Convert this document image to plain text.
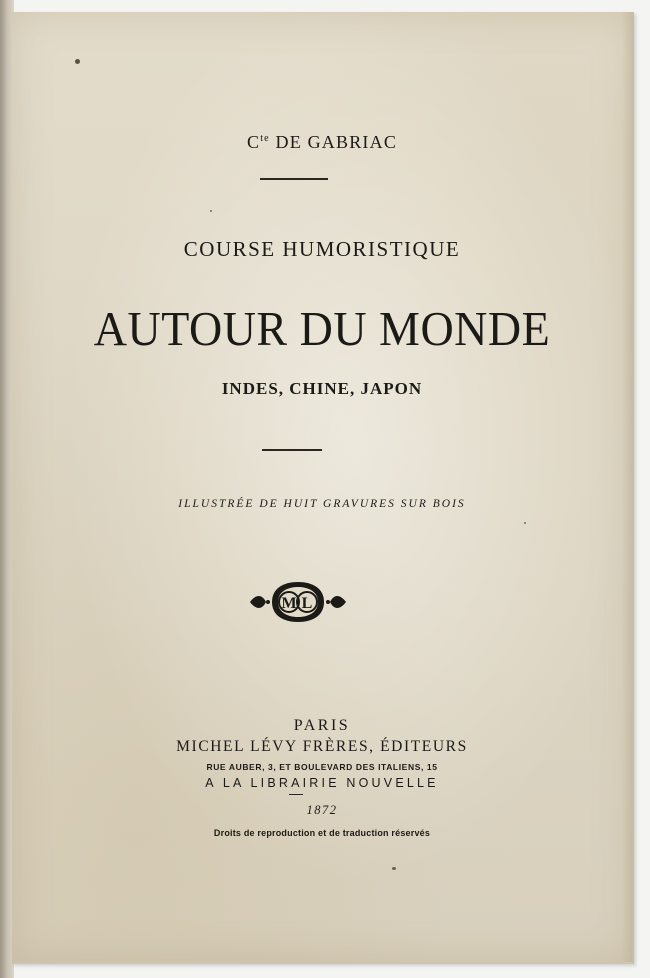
$C^{te}$ DE GABRIAC
COURSE HUMORISTIQUE
AUTOUR DU MONDE
INDES, CHINE, JAPON
ILLUSTRÉE DE HUIT GRAVURES SUR BOIS
M L
PARIS
MICHEL LÉVY FRÈRES, ÉDITEURS
RUE AUBER, 3, ET BOULEVARD DES ITALIENS, 15
A LA LIBRAIRIE NOUVELLE
1872
Droits de reproduction et de traduction réservés
